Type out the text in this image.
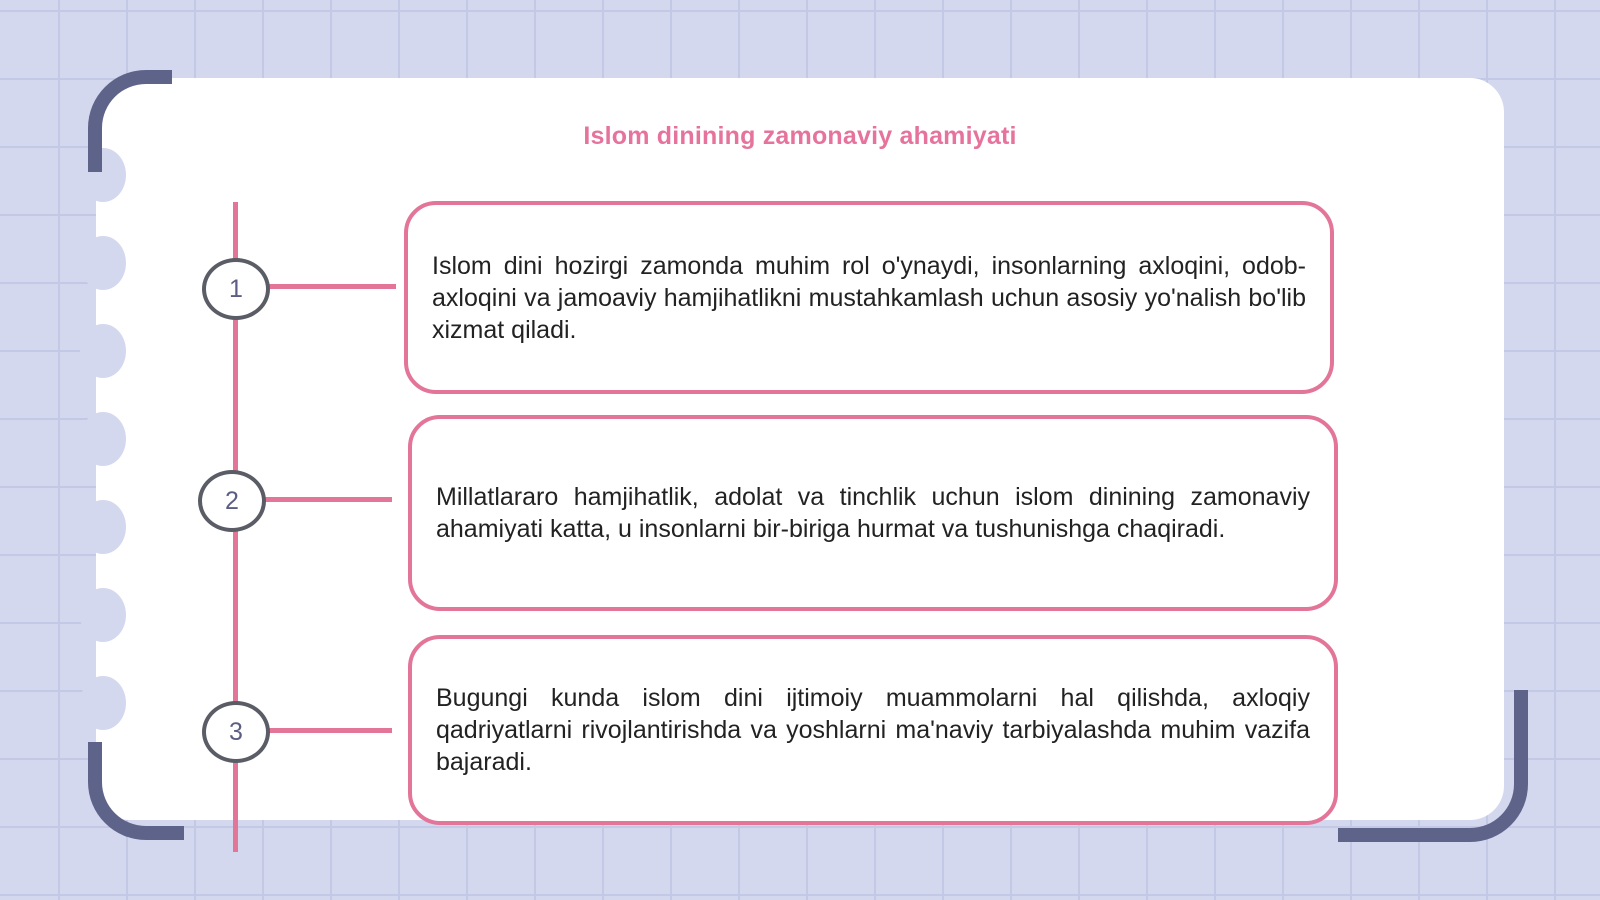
Islom dinining zamonaviy ahamiyati
1
2
3

Islom dini hozirgi zamonda muhim rol o'ynaydi, insonlarning axloqini, odob-axloqini va jamoaviy hamjihatlikni mustahkamlash uchun asosiy yo'nalish bo'lib xizmat qiladi.

Millatlararo hamjihatlik, adolat va tinchlik uchun islom dinining zamonaviy ahamiyati katta, u insonlarni bir-biriga hurmat va tushunishga chaqiradi.

Bugungi kunda islom dini ijtimoiy muammolarni hal qilishda, axloqiy qadriyatlarni rivojlantirishda va yoshlarni ma'naviy tarbiyalashda muhim vazifa bajaradi.
